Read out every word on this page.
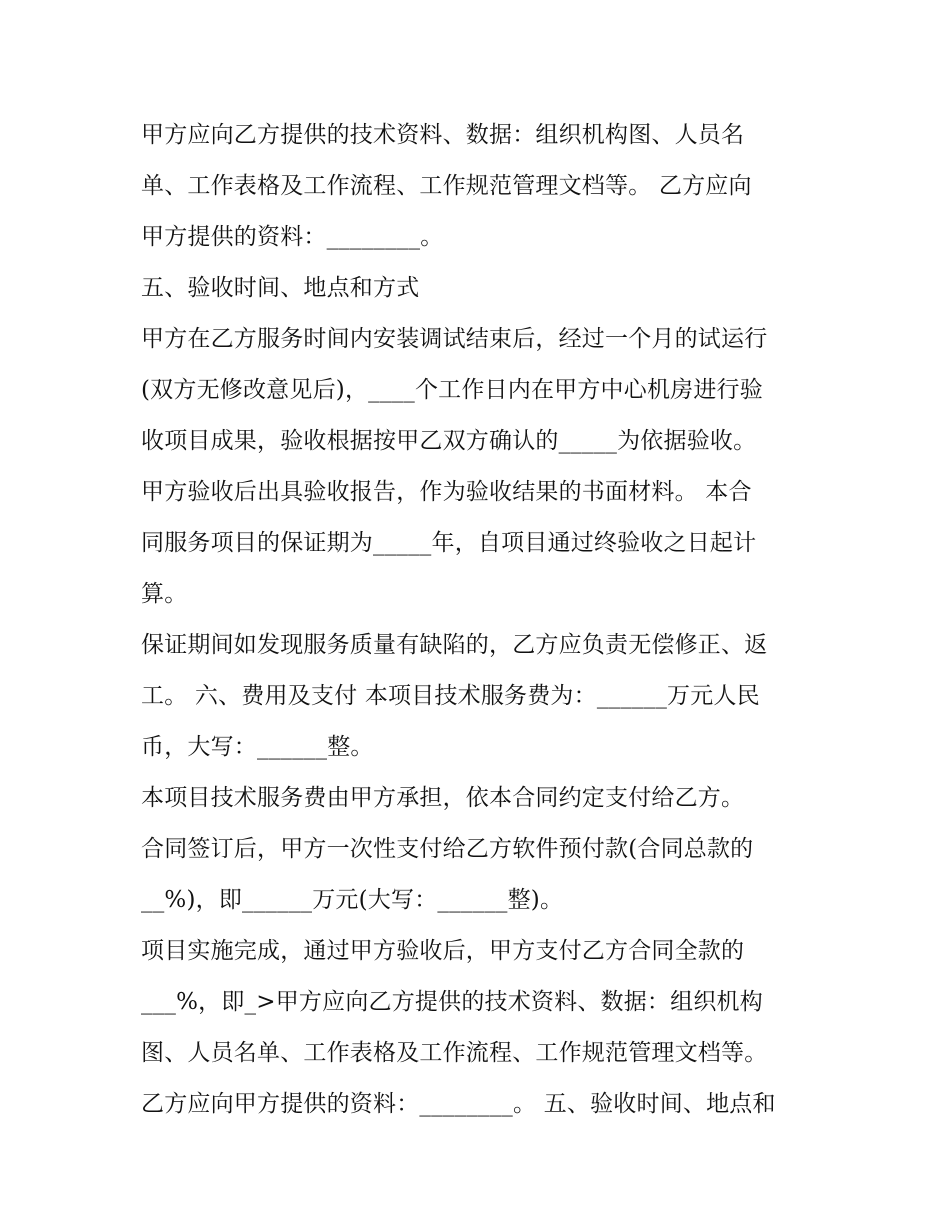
甲方应向乙方提供的技术资料、数据：组织机构图、人员名
单、工作表格及工作流程、工作规范管理文档等。 乙方应向
甲方提供的资料：________。
五、验收时间、地点和方式
甲方在乙方服务时间内安装调试结束后，经过一个月的试运行
(双方无修改意见后)，____个工作日内在甲方中心机房进行验
收项目成果，验收根据按甲乙双方确认的_____为依据验收。
甲方验收后出具验收报告，作为验收结果的书面材料。 本合
同服务项目的保证期为_____年，自项目通过终验收之日起计
算。
保证期间如发现服务质量有缺陷的，乙方应负责无偿修正、返
工。 六、费用及支付 本项目技术服务费为：______万元人民
币，大写：______整。
本项目技术服务费由甲方承担，依本合同约定支付给乙方。
合同签订后，甲方一次性支付给乙方软件预付款(合同总款的
__%)，即______万元(大写：______整)。
项目实施完成，通过甲方验收后，甲方支付乙方合同全款的
___%，即_>甲方应向乙方提供的技术资料、数据：组织机构
图、人员名单、工作表格及工作流程、工作规范管理文档等。
乙方应向甲方提供的资料：________。 五、验收时间、地点和
